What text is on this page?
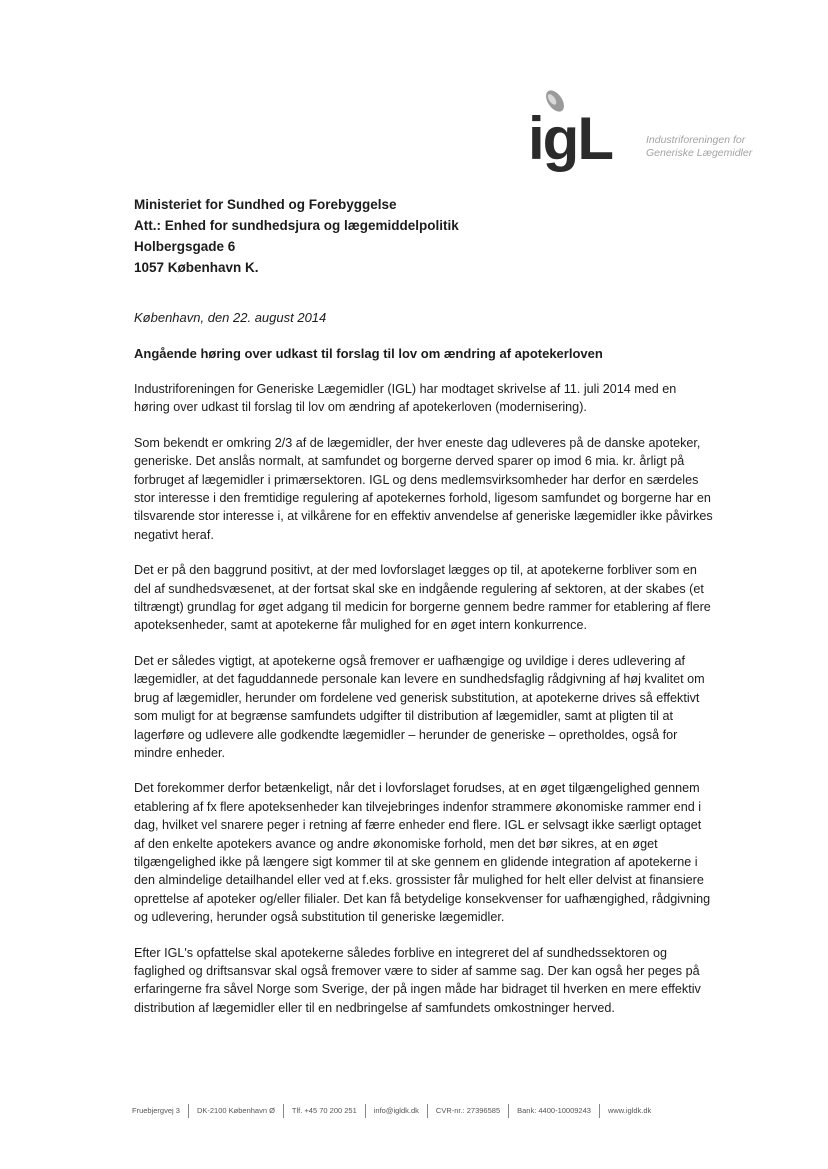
igL	Industriforeningen for
Generiske Lægemidler
Ministeriet for Sundhed og Forebyggelse
Att.: Enhed for sundhedsjura og lægemiddelpolitik
Holbergsgade 6
1057 København K.
København, den 22. august 2014
Angående høring over udkast til forslag til lov om ændring af apotekerloven

Industriforeningen for Generiske Lægemidler (IGL) har modtaget skrivelse af 11. juli 2014 med en høring over udkast til forslag til lov om ændring af apotekerloven (modernisering).

Som bekendt er omkring 2/3 af de lægemidler, der hver eneste dag udleveres på de danske apoteker, generiske. Det anslås normalt, at samfundet og borgerne derved sparer op imod 6 mia. kr. årligt på forbruget af lægemidler i primærsektoren. IGL og dens medlemsvirksomheder har derfor en særdeles stor interesse i den fremtidige regulering af apotekernes forhold, ligesom samfundet og borgerne har en tilsvarende stor interesse i, at vilkårene for en effektiv anvendelse af generiske lægemidler ikke påvirkes negativt heraf.

Det er på den baggrund positivt, at der med lovforslaget lægges op til, at apotekerne forbliver som en del af sundhedsvæsenet, at der fortsat skal ske en indgående regulering af sektoren, at der skabes (et tiltrængt) grundlag for øget adgang til medicin for borgerne gennem bedre rammer for etablering af flere apoteksenheder, samt at apotekerne får mulighed for en øget intern konkurrence.

Det er således vigtigt, at apotekerne også fremover er uafhængige og uvildige i deres udlevering af lægemidler, at det faguddannede personale kan levere en sundhedsfaglig rådgivning af høj kvalitet om brug af lægemidler, herunder om fordelene ved generisk substitution, at apotekerne drives så effektivt som muligt for at begrænse samfundets udgifter til distribution af lægemidler, samt at pligten til at lagerføre og udlevere alle godkendte lægemidler – herunder de generiske – opretholdes, også for mindre enheder.

Det forekommer derfor betænkeligt, når det i lovforslaget forudses, at en øget tilgængelighed gennem etablering af fx flere apoteksenheder kan tilvejebringes indenfor strammere økonomiske rammer end i dag, hvilket vel snarere peger i retning af færre enheder end flere. IGL er selvsagt ikke særligt optaget af den enkelte apotekers avance og andre økonomiske forhold, men det bør sikres, at en øget tilgængelighed ikke på længere sigt kommer til at ske gennem en glidende integration af apotekerne i den almindelige detailhandel eller ved at f.eks. grossister får mulighed for helt eller delvist at finansiere oprettelse af apoteker og/eller filialer. Det kan få betydelige konsekvenser for uafhængighed, rådgivning og udlevering, herunder også substitution til generiske lægemidler.

Efter IGL's opfattelse skal apotekerne således forblive en integreret del af sundhedssektoren og faglighed og driftsansvar skal også fremover være to sider af samme sag. Der kan også her peges på erfaringerne fra såvel Norge som Sverige, der på ingen måde har bidraget til hverken en mere effektiv distribution af lægemidler eller til en nedbringelse af samfundets omkostninger herved.

Fruebjergvej 3	DK-2100 København Ø	Tlf. +45 70 200 251	info@igldk.dk	CVR-nr.: 27396585	Bank: 4400-10009243	www.igldk.dk
